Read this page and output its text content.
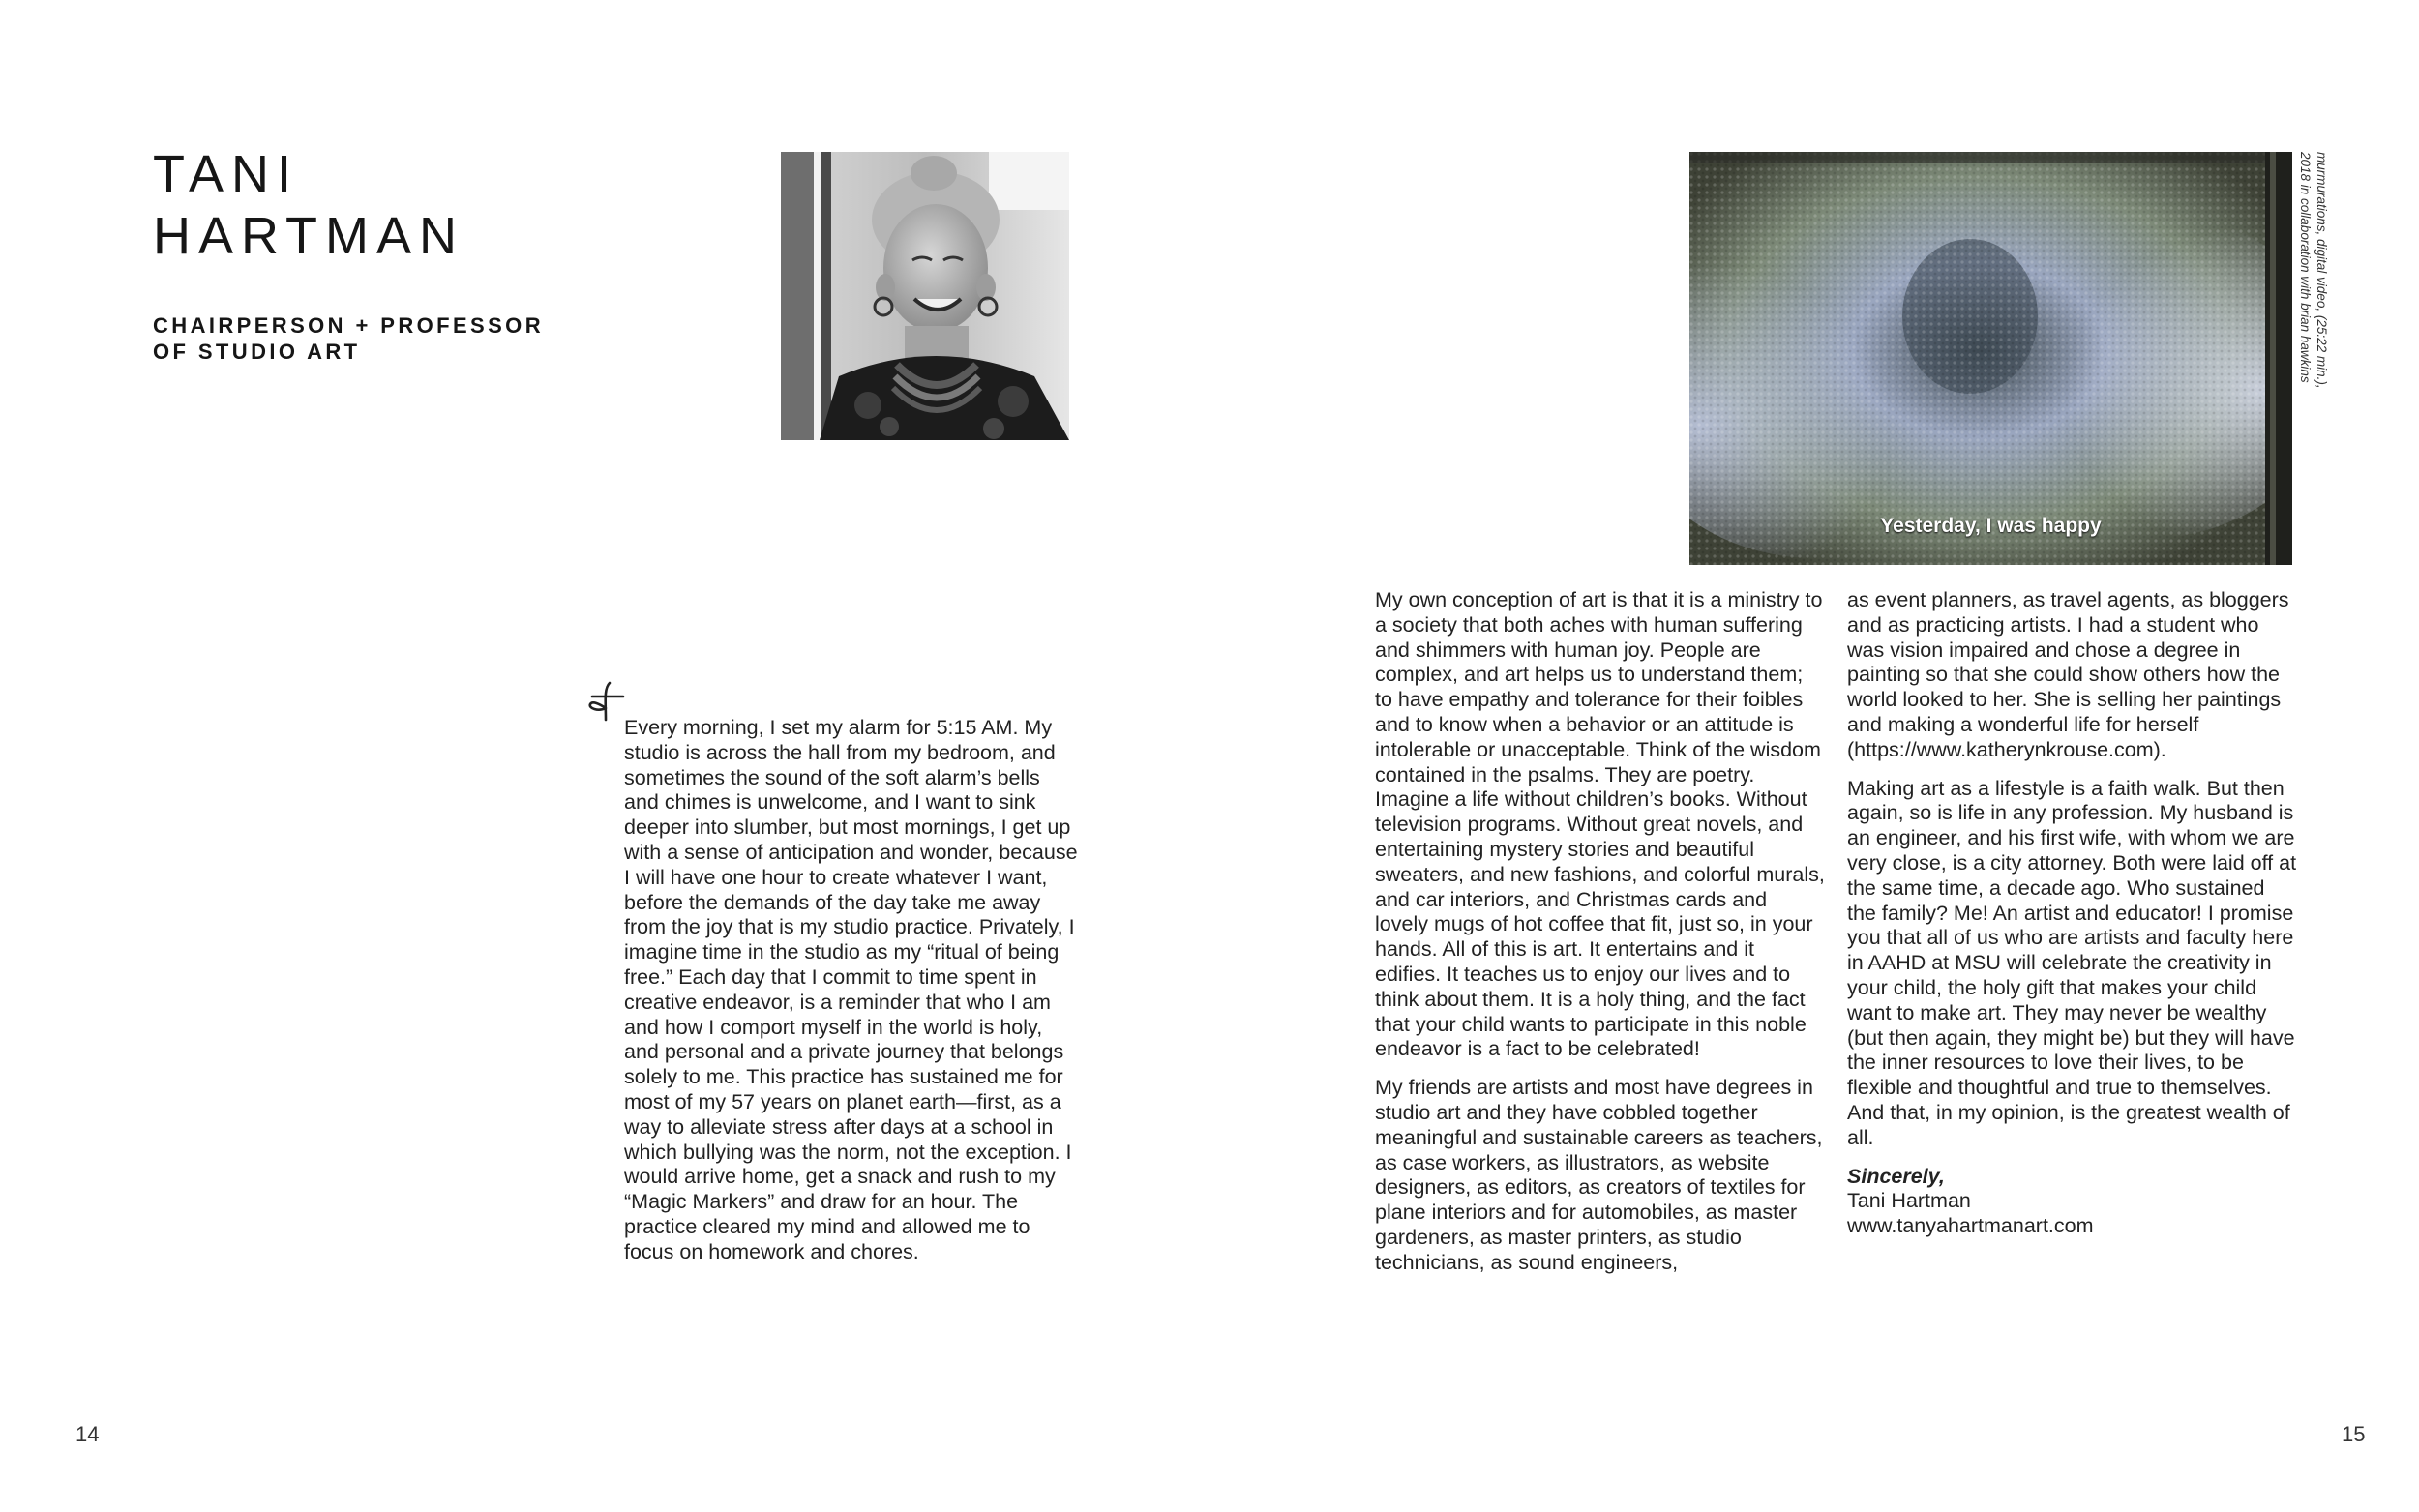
TANI
HARTMAN
CHAIRPERSON + PROFESSOR
OF STUDIO ART
Yesterday, I was happy
murmurations, digital video, (25:22 min.),
2018 in collaboration with brian hawkins

Every morning, I set my alarm for 5:15 AM. My studio is across the hall from my bedroom, and sometimes the sound of the soft alarm’s bells and chimes is unwelcome, and I want to sink deeper into slumber, but most mornings, I get up with a sense of anticipation and wonder, because I will have one hour to create whatever I want, before the demands of the day take me away from the joy that is my studio practice. Privately, I imagine time in the studio as my “ritual of being free.” Each day that I commit to time spent in creative endeavor, is a reminder that who I am and how I comport myself in the world is holy, and personal and a private journey that belongs solely to me. This practice has sustained me for most of my 57 years on planet earth—first, as a way to alleviate stress after days at a school in which bullying was the norm, not the exception. I would arrive home, get a snack and rush to my “Magic Markers” and draw for an hour. The practice cleared my mind and allowed me to focus on homework and chores.

My own conception of art is that it is a ministry to a society that both aches with human suffering and shimmers with human joy. People are complex, and art helps us to understand them; to have empathy and tolerance for their foibles and to know when a behavior or an attitude is intolerable or unacceptable. Think of the wisdom contained in the psalms. They are poetry. Imagine a life without children’s books. Without television programs. Without great novels, and entertaining mystery stories and beautiful sweaters, and new fashions, and colorful murals, and car interiors, and Christmas cards and lovely mugs of hot coffee that fit, just so, in your hands. All of this is art. It entertains and it edifies. It teaches us to enjoy our lives and to think about them. It is a holy thing, and the fact that your child wants to participate in this noble endeavor is a fact to be celebrated!

My friends are artists and most have degrees in studio art and they have cobbled together meaningful and sustainable careers as teachers, as case workers, as illustrators, as website designers, as editors, as creators of textiles for plane interiors and for automobiles, as master gardeners, as master printers, as studio technicians, as sound engineers,

as event planners, as travel agents, as bloggers and as practicing artists. I had a student who was vision impaired and chose a degree in painting so that she could show others how the world looked to her. She is selling her paintings and making a wonderful life for herself (https://www.katherynkrouse.com).

Making art as a lifestyle is a faith walk. But then again, so is life in any profession. My husband is an engineer, and his first wife, with whom we are very close, is a city attorney. Both were laid off at the same time, a decade ago. Who sustained the family? Me! An artist and educator! I promise you that all of us who are artists and faculty here in AAHD at MSU will celebrate the creativity in your child, the holy gift that makes your child want to make art. They may never be wealthy (but then again, they might be) but they will have the inner resources to love their lives, to be flexible and thoughtful and true to themselves. And that, in my opinion, is the greatest wealth of all.

Sincerely,
Tani Hartman
www.tanyahartmanart.com

14	15
